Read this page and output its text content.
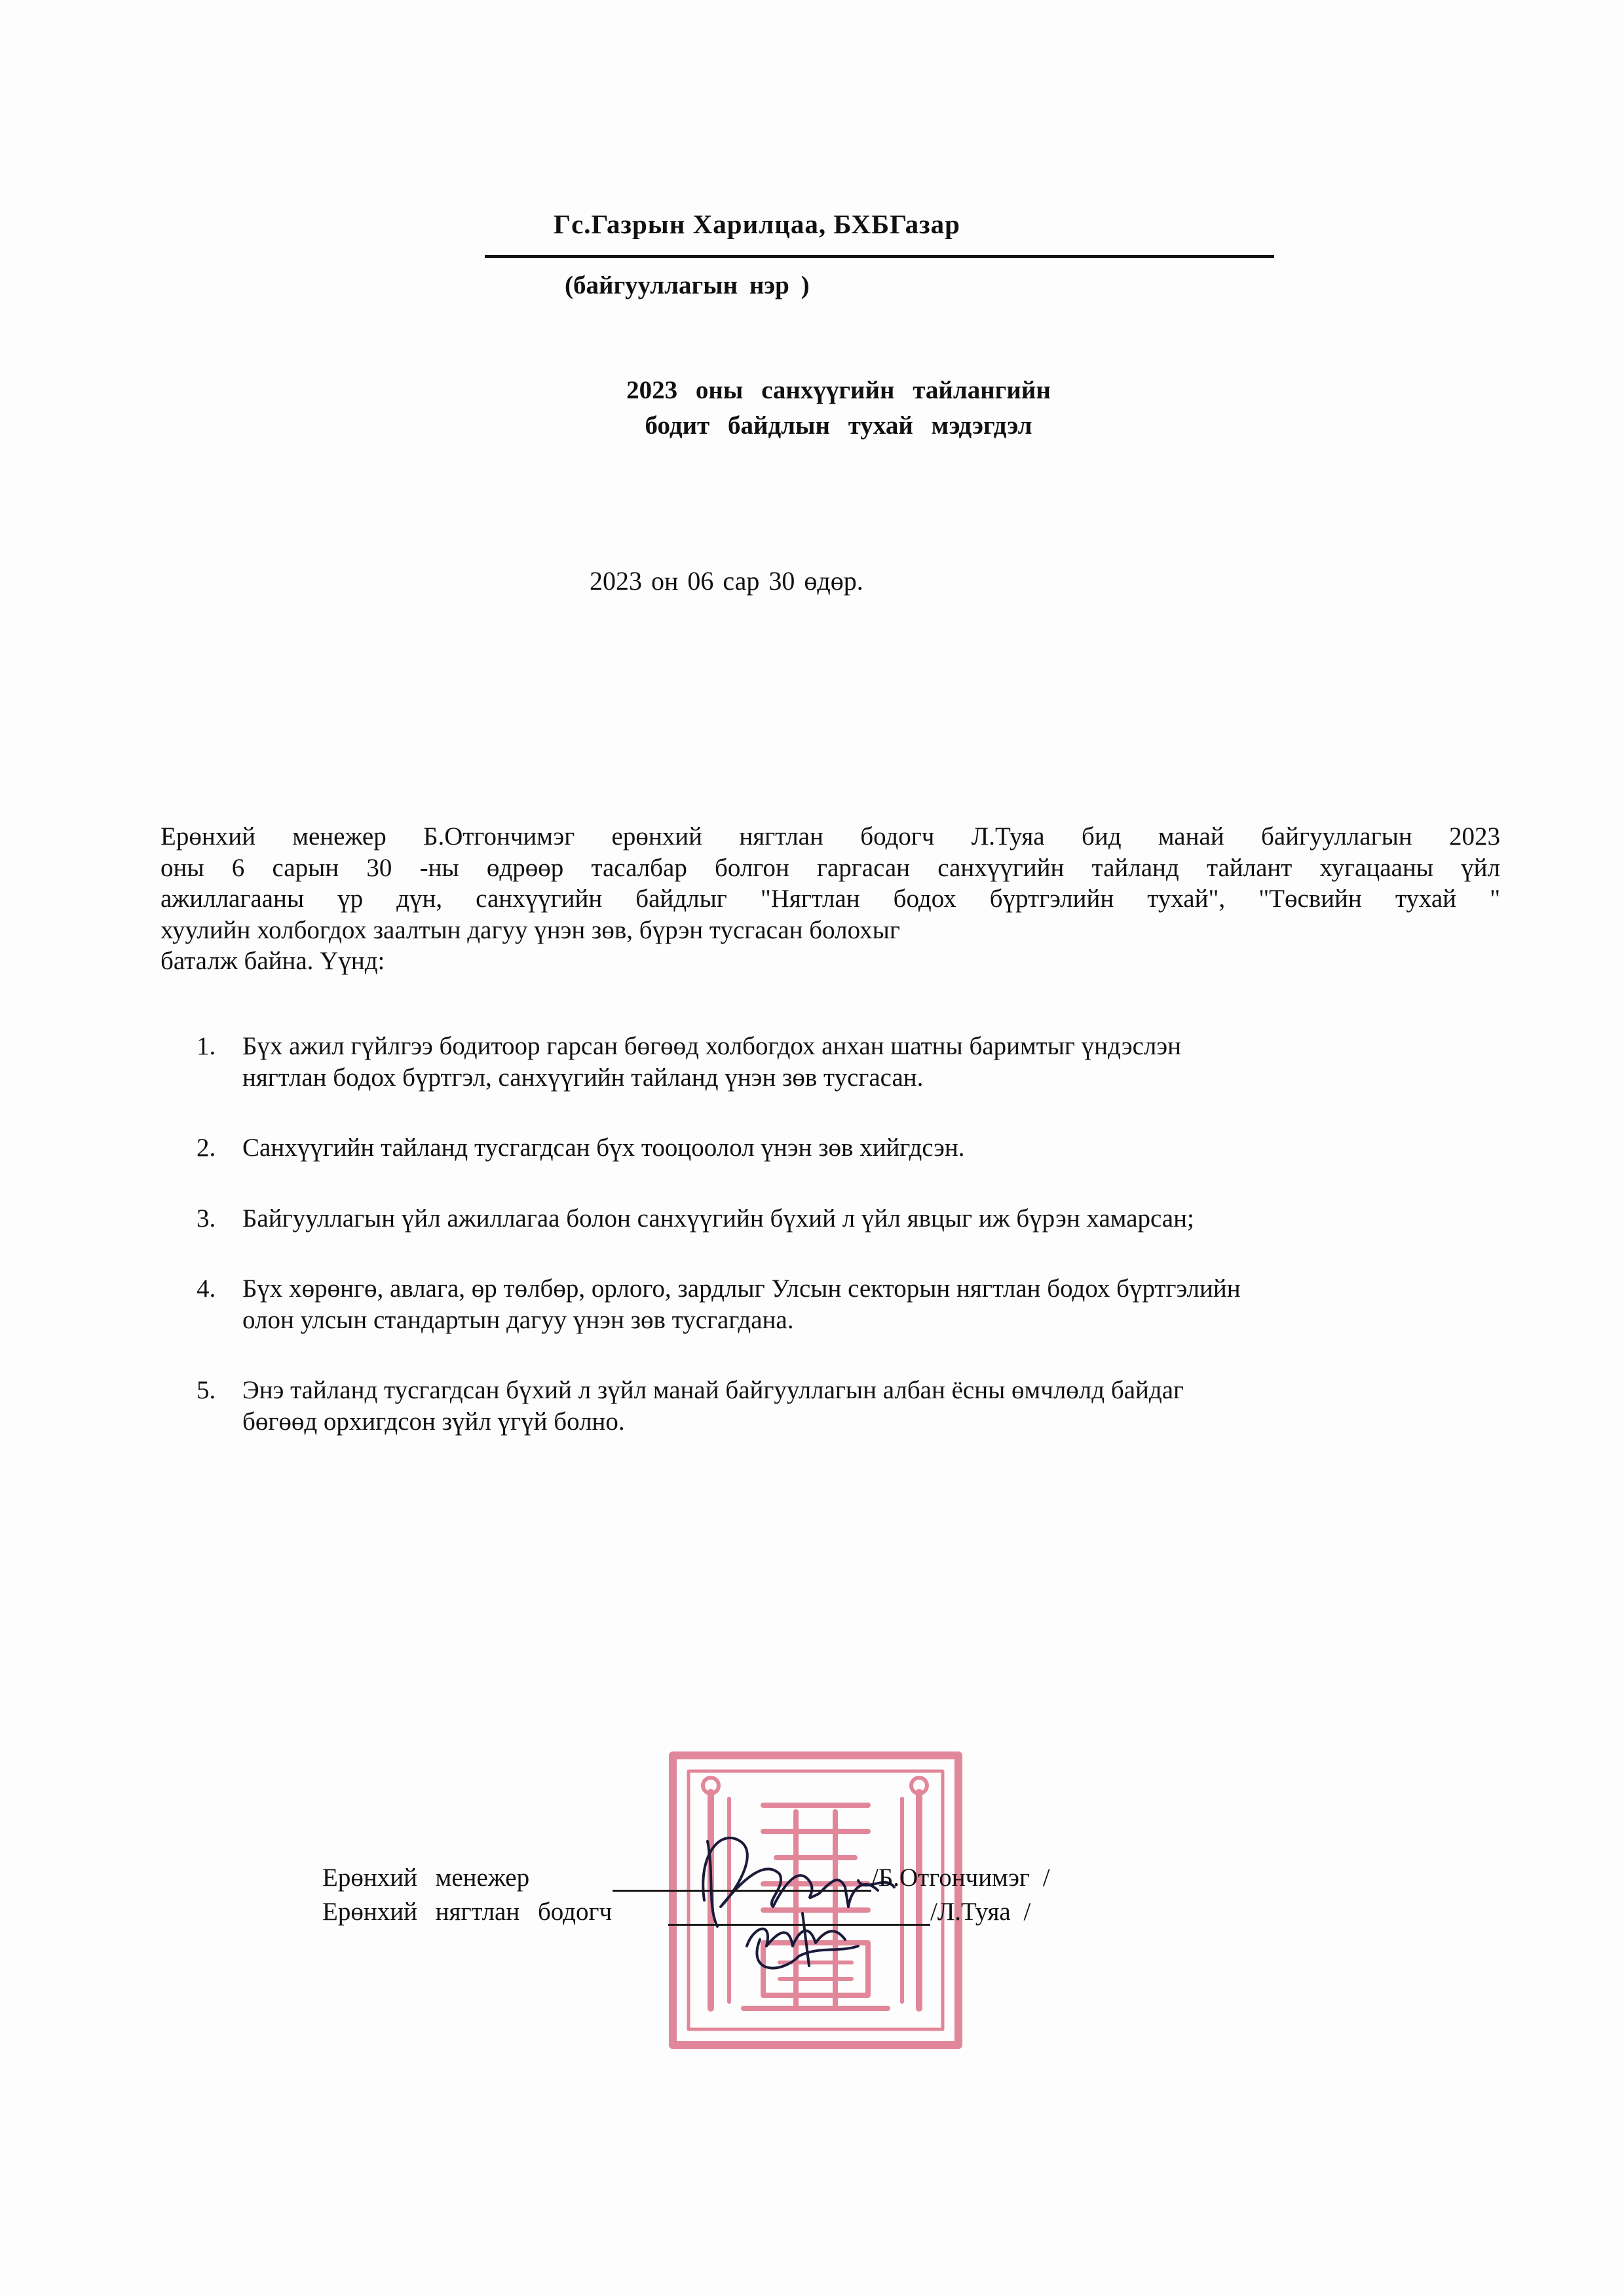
Гс.Газрын Харилцаа, БХБГазар
(байгууллагын нэр )
2023 оны санхүүгийн тайлангийн
бодит байдлын тухай мэдэгдэл
2023 он 06 сар 30 өдөр.
Ерөнхий менежер Б.Отгончимэг ерөнхий нягтлан бодогч Л.Туяа бид манай байгууллагын 2023
оны 6 сарын 30 -ны өдрөөр тасалбар болгон гаргасан санхүүгийн тайланд тайлант хугацааны үйл
ажиллагааны үр дүн, санхүүгийн байдлыг "Нягтлан бодох бүртгэлийн тухай", "Төсвийн тухай "
хуулийн холбогдох заалтын дагуу үнэн зөв, бүрэн тусгасан болохыг
баталж байна. Үүнд:
1. Бүх ажил гүйлгээ бодитоор гарсан бөгөөд холбогдох анхан шатны баримтыг үндэслэн
нягтлан бодох бүртгэл, санхүүгийн тайланд үнэн зөв тусгасан.
2. Санхүүгийн тайланд тусгагдсан бүх тооцоолол үнэн зөв хийгдсэн.
3. Байгууллагын үйл ажиллагаа болон санхүүгийн бүхий л үйл явцыг иж бүрэн хамарсан;
4. Бүх хөрөнгө, авлага, өр төлбөр, орлого, зардлыг Улсын секторын нягтлан бодох бүртгэлийн
олон улсын стандартын дагуу үнэн зөв тусгагдана.
5. Энэ тайланд тусгагдсан бүхий л зүйл манай байгууллагын албан ёсны өмчлөлд байдаг
бөгөөд орхигдсон зүйл үгүй болно.
Ерөнхий менежер	/Б.Отгончимэг /
Ерөнхий нягтлан бодогч	/Л.Туяа /
